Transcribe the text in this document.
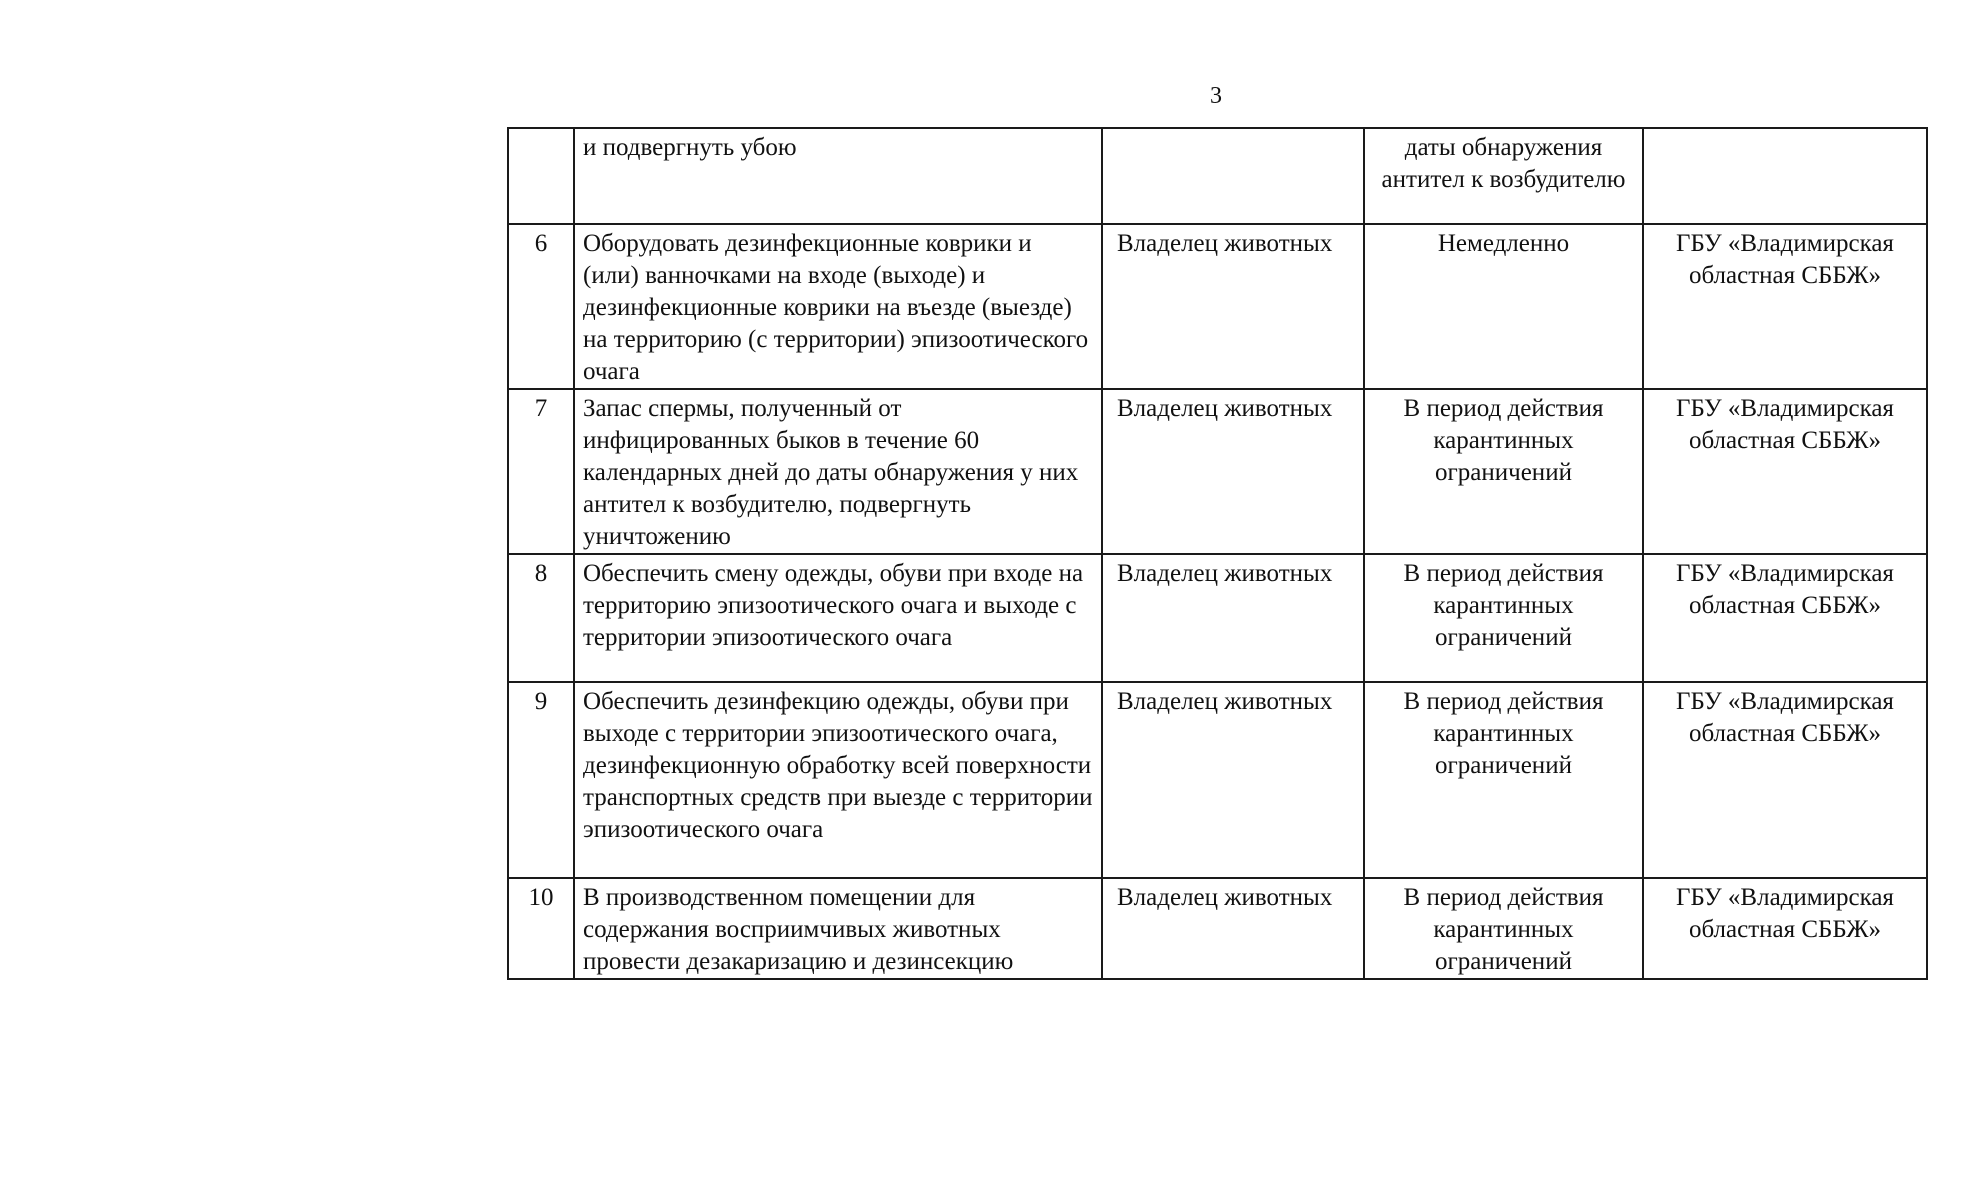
3
	и подвергнуть убою		даты обнаружения антител к возбудителю	
6	Оборудовать дезинфекционные коврики и (или) ванночками на входе (выходе) и дезинфекционные коврики на въезде (выезде) на территорию (с территории) эпизоотического очага	Владелец животных	Немедленно	ГБУ «Владимирская областная СББЖ»
7	Запас спермы, полученный от инфицированных быков в течение 60 календарных дней до даты обнаружения у них антител к возбудителю, подвергнуть уничтожению	Владелец животных	В период действия карантинных ограничений	ГБУ «Владимирская областная СББЖ»
8	Обеспечить смену одежды, обуви при входе на территорию эпизоотического очага и выходе с территории эпизоотического очага	Владелец животных	В период действия карантинных ограничений	ГБУ «Владимирская областная СББЖ»
9	Обеспечить дезинфекцию одежды, обуви при выходе с территории эпизоотического очага, дезинфекционную обработку всей поверхности транспортных средств при выезде с территории эпизоотического очага	Владелец животных	В период действия карантинных ограничений	ГБУ «Владимирская областная СББЖ»
10	В производственном помещении для содержания восприимчивых животных провести дезакаризацию и дезинсекцию	Владелец животных	В период действия карантинных ограничений	ГБУ «Владимирская областная СББЖ»
